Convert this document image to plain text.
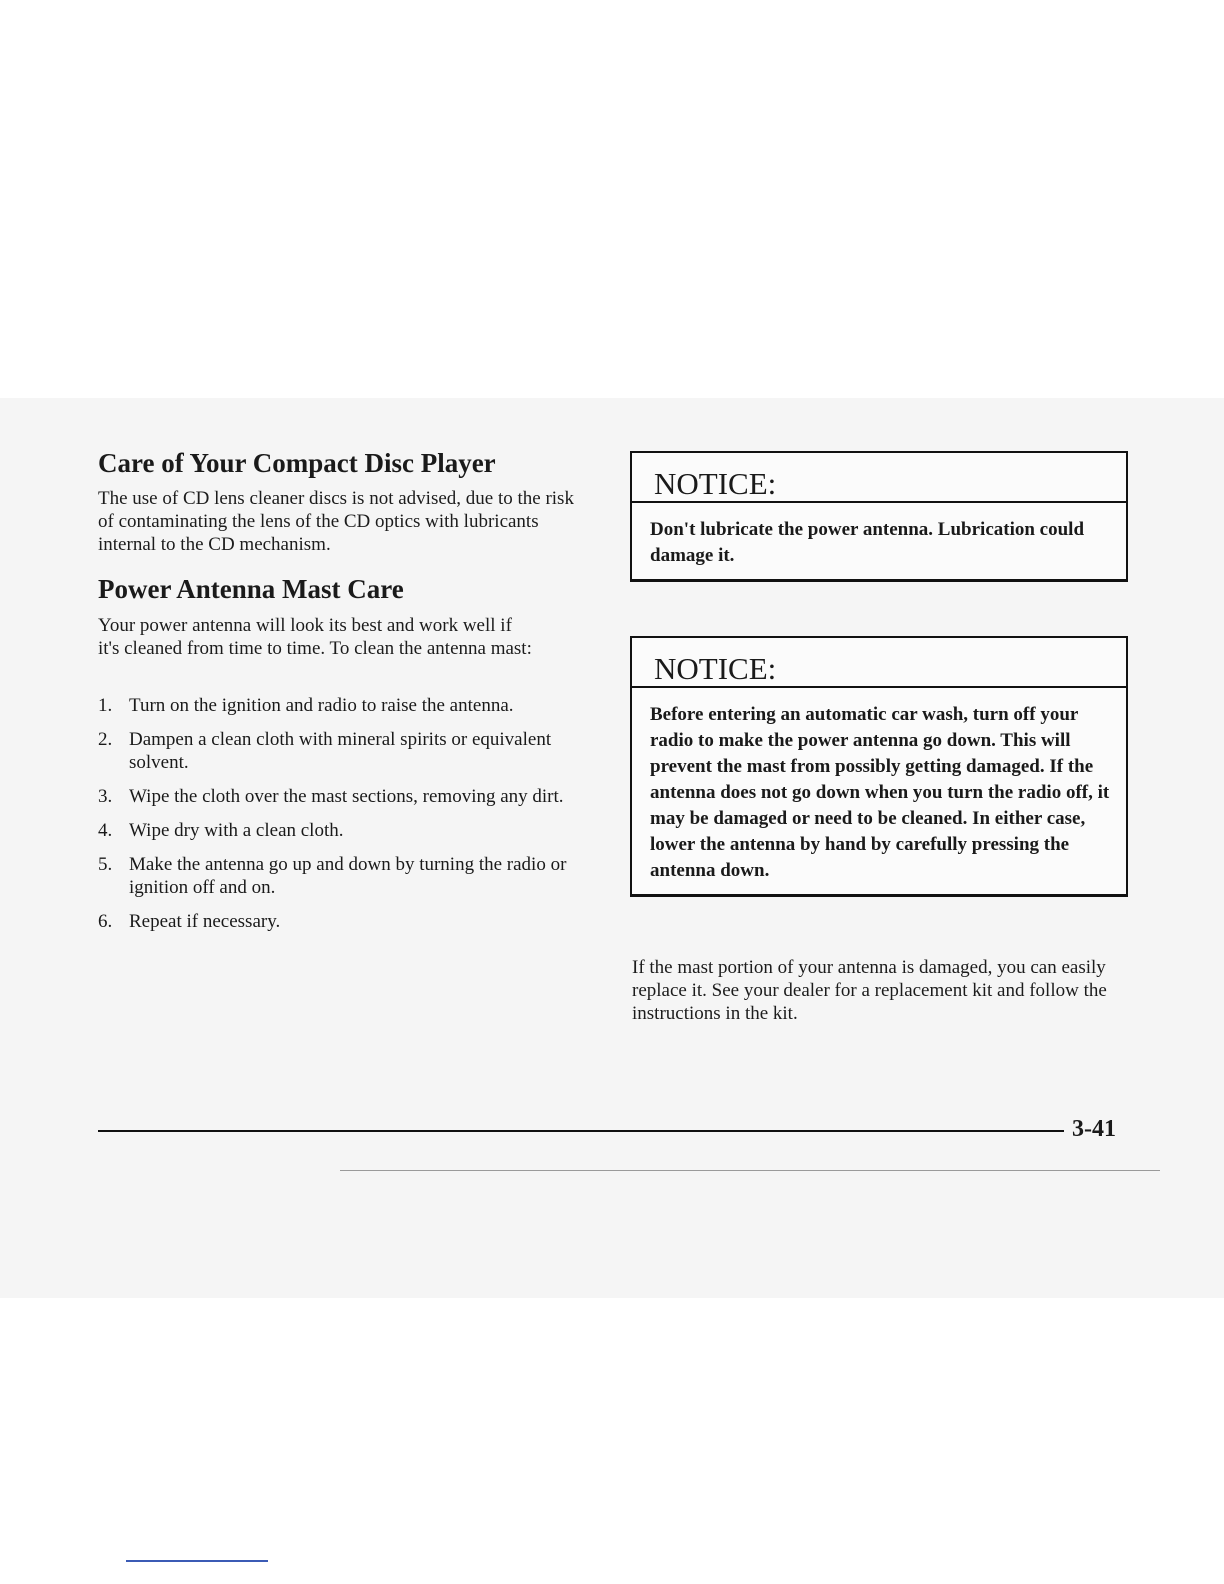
Care of Your Compact Disc Player

The use of CD lens cleaner discs is not advised, due to the risk of contaminating the lens of the CD optics with lubricants internal to the CD mechanism.

Power Antenna Mast Care

Your power antenna will look its best and work well if it's cleaned from time to time. To clean the antenna mast:

1. Turn on the ignition and radio to raise the antenna.
2. Dampen a clean cloth with mineral spirits or equivalent solvent.
3. Wipe the cloth over the mast sections, removing any dirt.
4. Wipe dry with a clean cloth.
5. Make the antenna go up and down by turning the radio or ignition off and on.
6. Repeat if necessary.
NOTICE:
Don't lubricate the power antenna. Lubrication could damage it.
NOTICE:
Before entering an automatic car wash, turn off your radio to make the power antenna go down. This will prevent the mast from possibly getting damaged. If the antenna does not go down when you turn the radio off, it may be damaged or need to be cleaned. In either case, lower the antenna by hand by carefully pressing the antenna down.

If the mast portion of your antenna is damaged, you can easily replace it. See your dealer for a replacement kit and follow the instructions in the kit.

3-41
